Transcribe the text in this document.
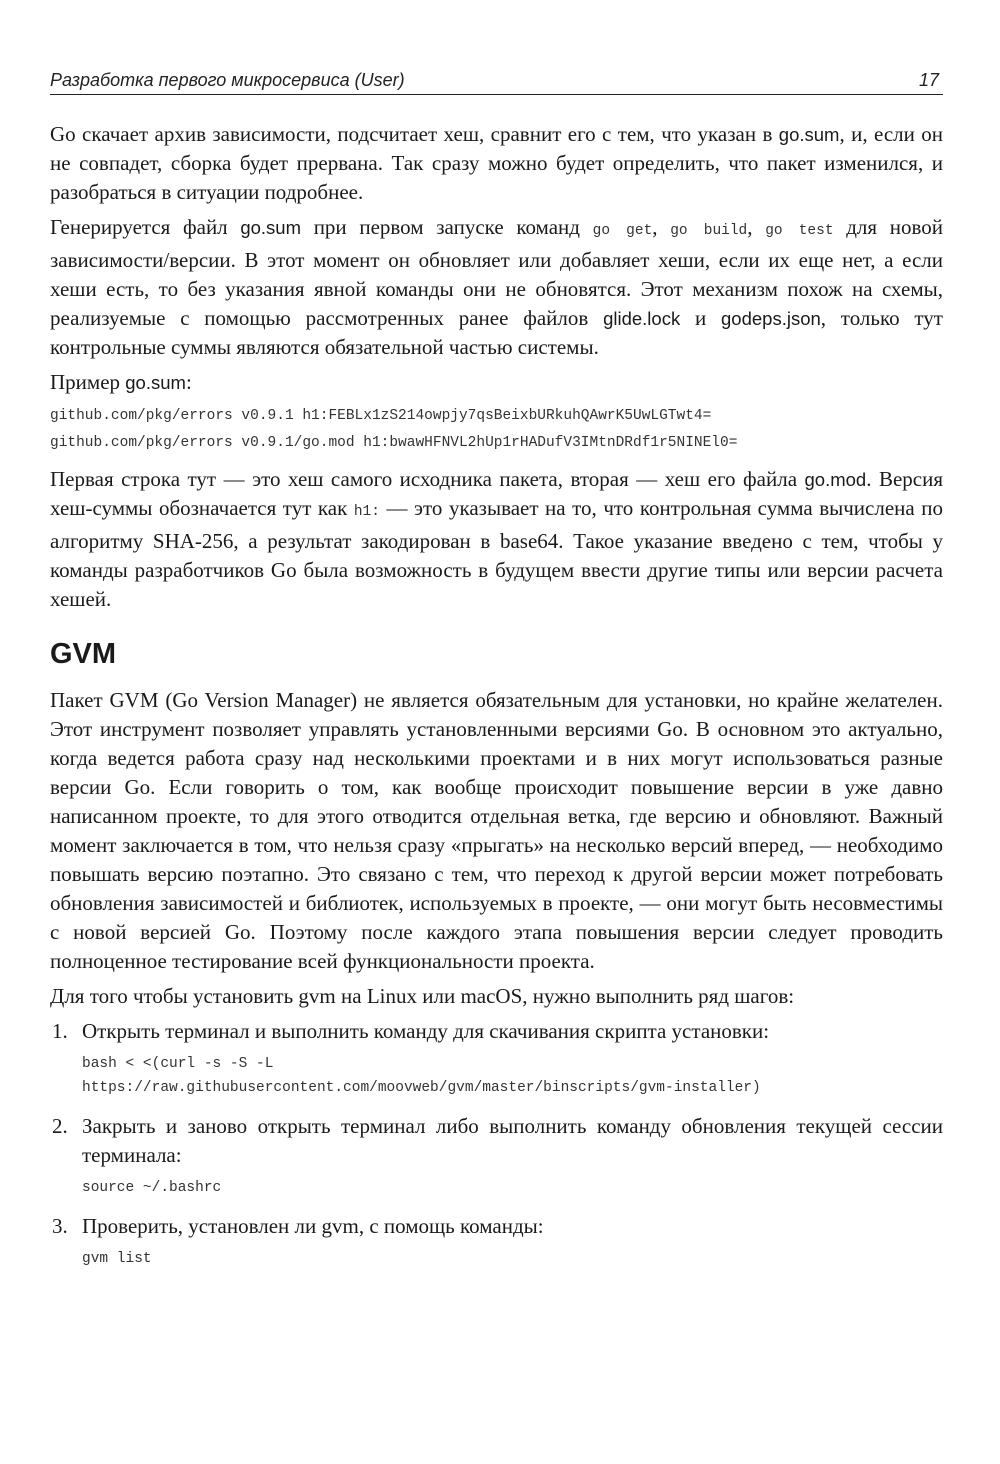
Разработка первого микросервиса (User)	17

Go скачает архив зависимости, подсчитает хеш, сравнит его с тем, что указан в go.sum, и, если он не совпадет, сборка будет прервана. Так сразу можно будет определить, что пакет изменился, и разобраться в ситуации подробнее.

Генерируется файл go.sum при первом запуске команд go get, go build, go test для новой зависимости/версии. В этот момент он обновляет или добавляет хеши, если их еще нет, а если хеши есть, то без указания явной команды они не обновятся. Этот механизм похож на схемы, реализуемые с помощью рассмотренных ранее файлов glide.lock и godeps.json, только тут контрольные суммы являются обязательной частью системы.

Пример go.sum:

github.com/pkg/errors v0.9.1 h1:FEBLx1zS214owpjy7qsBeixbURkuhQAwrK5UwLGTwt4=
github.com/pkg/errors v0.9.1/go.mod h1:bwawHFNVL2hUp1rHADufV3IMtnDRdf1r5NINEl0=

Первая строка тут — это хеш самого исходника пакета, вторая — хеш его файла go.mod. Версия хеш-суммы обозначается тут как h1: — это указывает на то, что контрольная сумма вычислена по алгоритму SHA-256, а результат закодирован в base64. Такое указание введено с тем, чтобы у команды разработчиков Go была возможность в будущем ввести другие типы или версии расчета хешей.

GVM

Пакет GVM (Go Version Manager) не является обязательным для установки, но крайне желателен. Этот инструмент позволяет управлять установленными версиями Go. В основном это актуально, когда ведется работа сразу над несколькими проектами и в них могут использоваться разные версии Go. Если говорить о том, как вообще происходит повышение версии в уже давно написанном проекте, то для этого отводится отдельная ветка, где версию и обновляют. Важный момент заключается в том, что нельзя сразу «прыгать» на несколько версий вперед, — необходимо повышать версию поэтапно. Это связано с тем, что переход к другой версии может потребовать обновления зависимостей и библиотек, используемых в проекте, — они могут быть несовместимы с новой версией Go. Поэтому после каждого этапа повышения версии следует проводить полноценное тестирование всей функциональности проекта.

Для того чтобы установить gvm на Linux или macOS, нужно выполнить ряд шагов:

1. Открыть терминал и выполнить команду для скачивания скрипта установки:

bash < <(curl -s -S -L
https://raw.githubusercontent.com/moovweb/gvm/master/binscripts/gvm-installer)
2. Закрыть и заново открыть терминал либо выполнить команду обновления текущей сессии терминала:

source ~/.bashrc
3. Проверить, установлен ли gvm, с помощь команды:

gvm list
